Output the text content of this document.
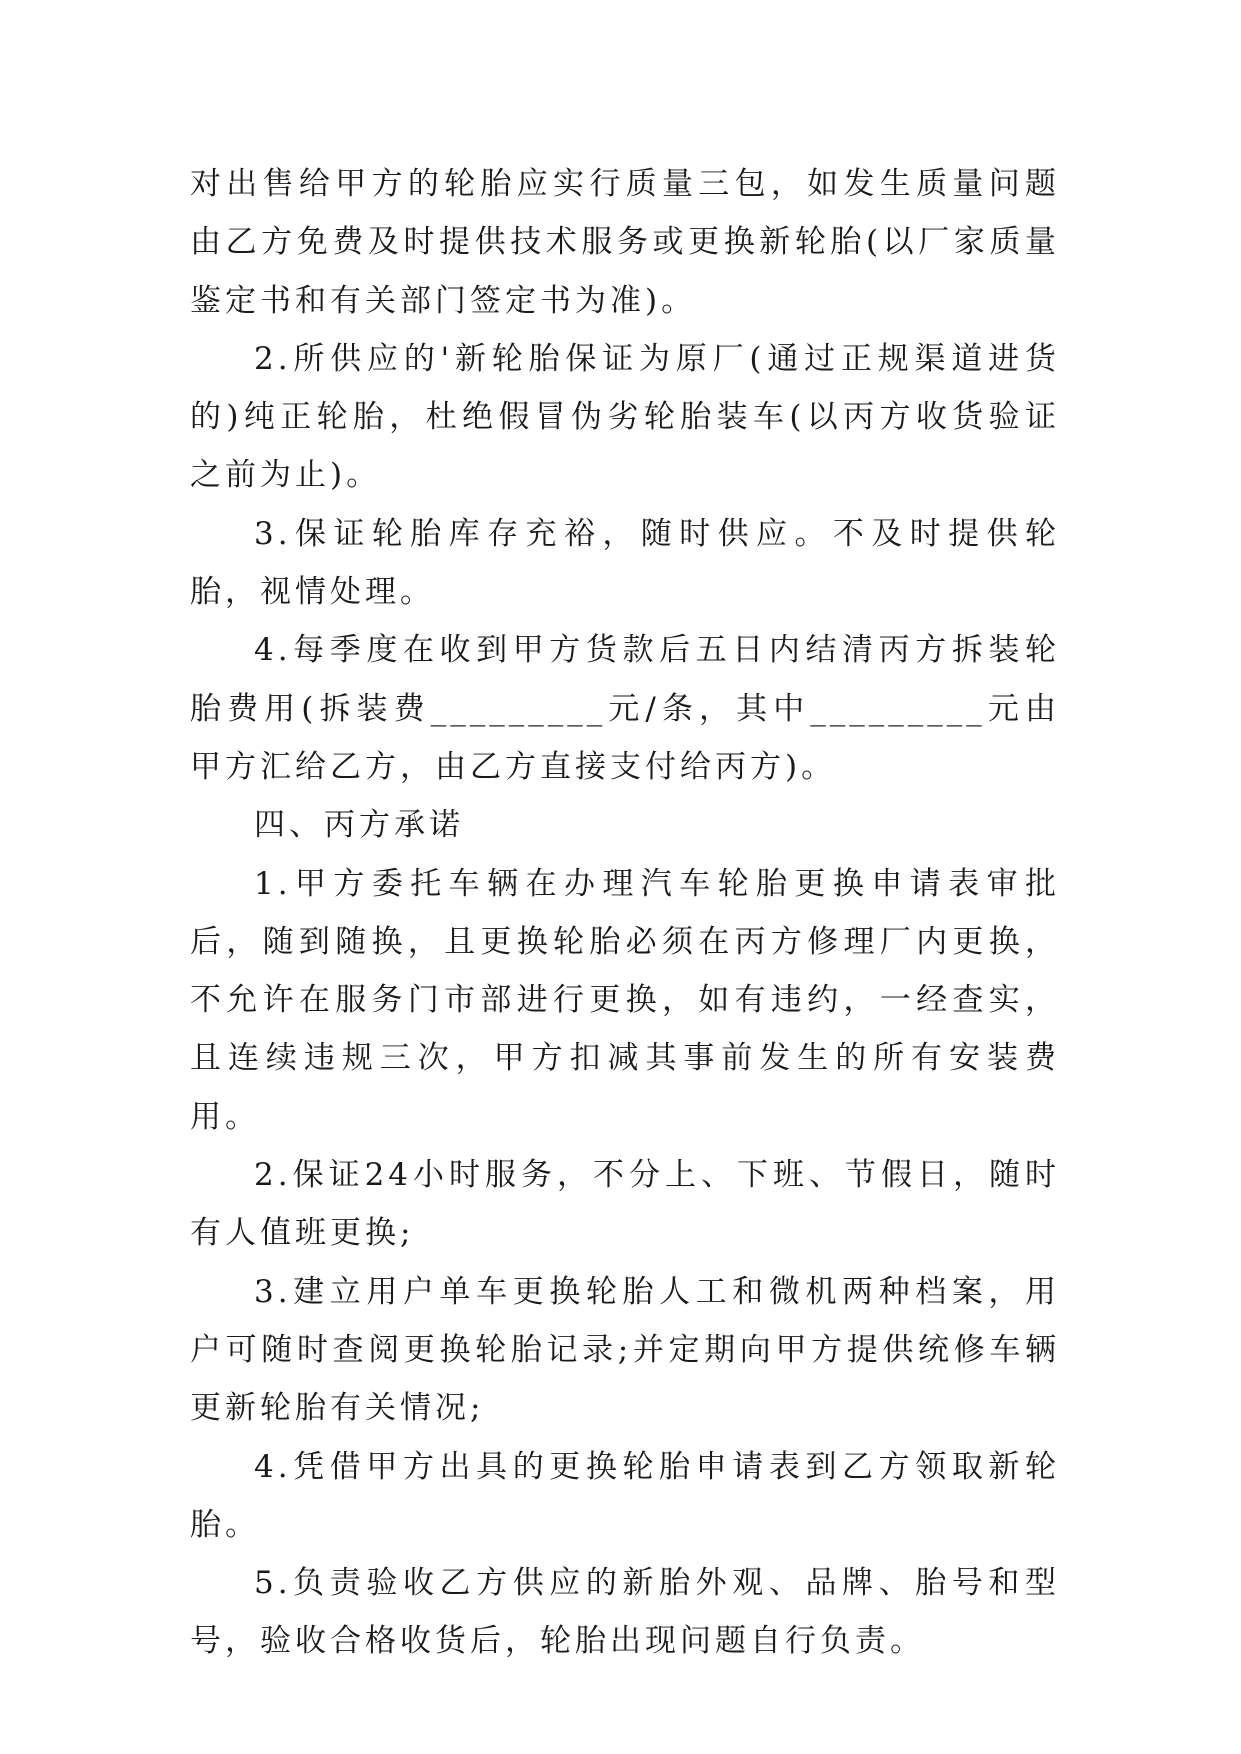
对出售给甲方的轮胎应实行质量三包，如发生质量问题由乙方免费及时提供技术服务或更换新轮胎(以厂家质量鉴定书和有关部门签定书为准)。

2.所供应的'新轮胎保证为原厂(通过正规渠道进货的)纯正轮胎，杜绝假冒伪劣轮胎装车(以丙方收货验证之前为止)。

3.保证轮胎库存充裕，随时供应。不及时提供轮胎，视情处理。

4.每季度在收到甲方货款后五日内结清丙方拆装轮胎费用(拆装费_________元/条，其中_________元由甲方汇给乙方，由乙方直接支付给丙方)。

四、丙方承诺

1.甲方委托车辆在办理汽车轮胎更换申请表审批后，随到随换，且更换轮胎必须在丙方修理厂内更换，不允许在服务门市部进行更换，如有违约，一经查实，且连续违规三次，甲方扣减其事前发生的所有安装费用。

2.保证24小时服务，不分上、下班、节假日，随时有人值班更换;

3.建立用户单车更换轮胎人工和微机两种档案，用户可随时查阅更换轮胎记录;并定期向甲方提供统修车辆更新轮胎有关情况;

4.凭借甲方出具的更换轮胎申请表到乙方领取新轮胎。

5.负责验收乙方供应的新胎外观、品牌、胎号和型号，验收合格收货后，轮胎出现问题自行负责。
